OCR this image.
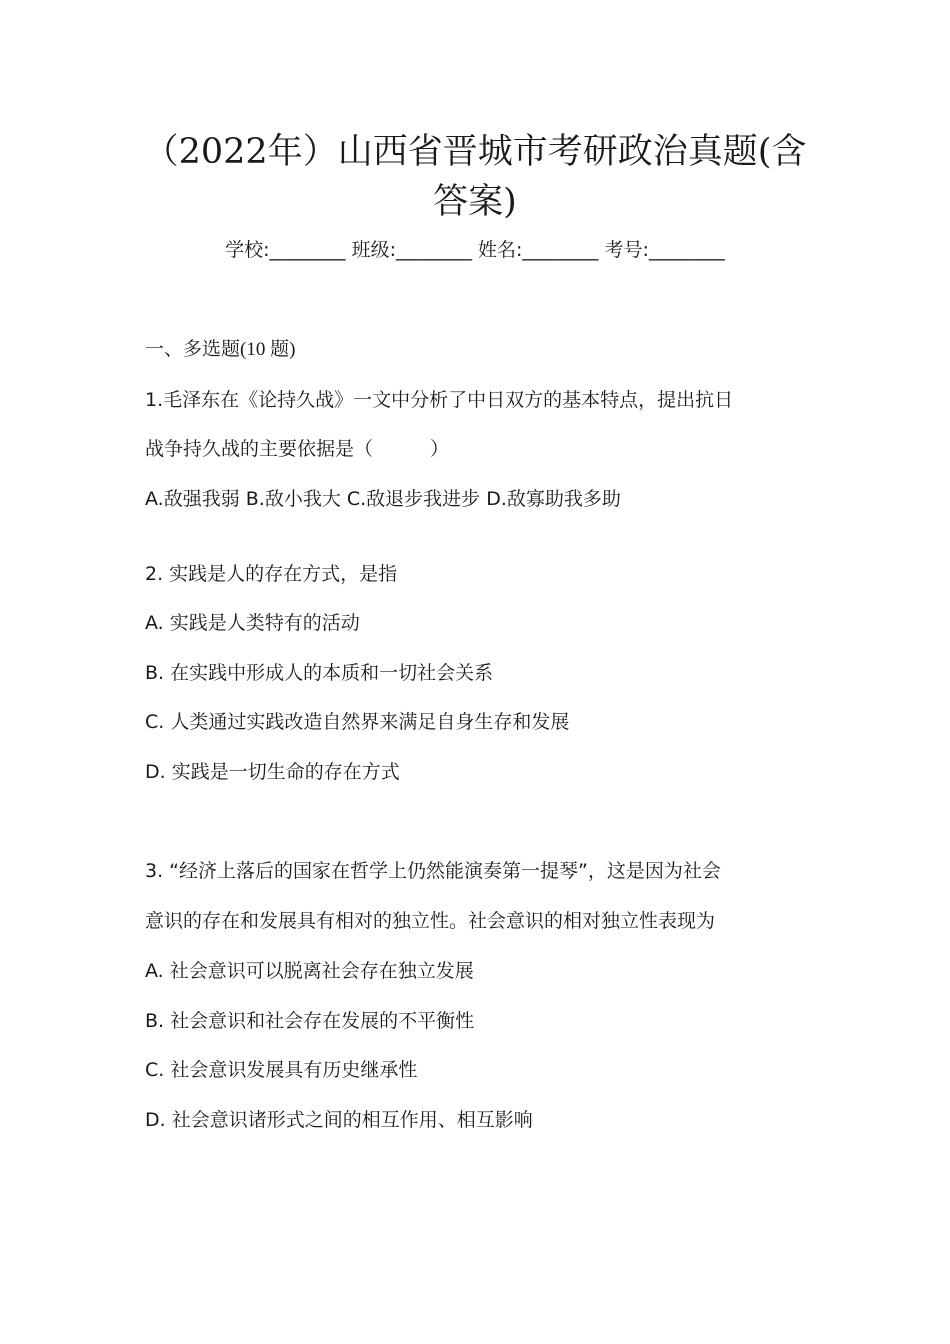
（2022年）山西省晋城市考研政治真题(含
答案)
学校:________ 班级:________ 姓名:________ 考号:________
一、多选题(10 题)
1.毛泽东在《论持久战》一文中分析了中日双方的基本特点，提出抗日
战争持久战的主要依据是（　　　）
A.敌强我弱 B.敌小我大 C.敌退步我进步 D.敌寡助我多助
2. 实践是人的存在方式，是指
A. 实践是人类特有的活动
B. 在实践中形成人的本质和一切社会关系
C. 人类通过实践改造自然界来满足自身生存和发展
D. 实践是一切生命的存在方式
3. “经济上落后的国家在哲学上仍然能演奏第一提琴”，这是因为社会
意识的存在和发展具有相对的独立性。社会意识的相对独立性表现为
A. 社会意识可以脱离社会存在独立发展
B. 社会意识和社会存在发展的不平衡性
C. 社会意识发展具有历史继承性
D. 社会意识诸形式之间的相互作用、相互影响
